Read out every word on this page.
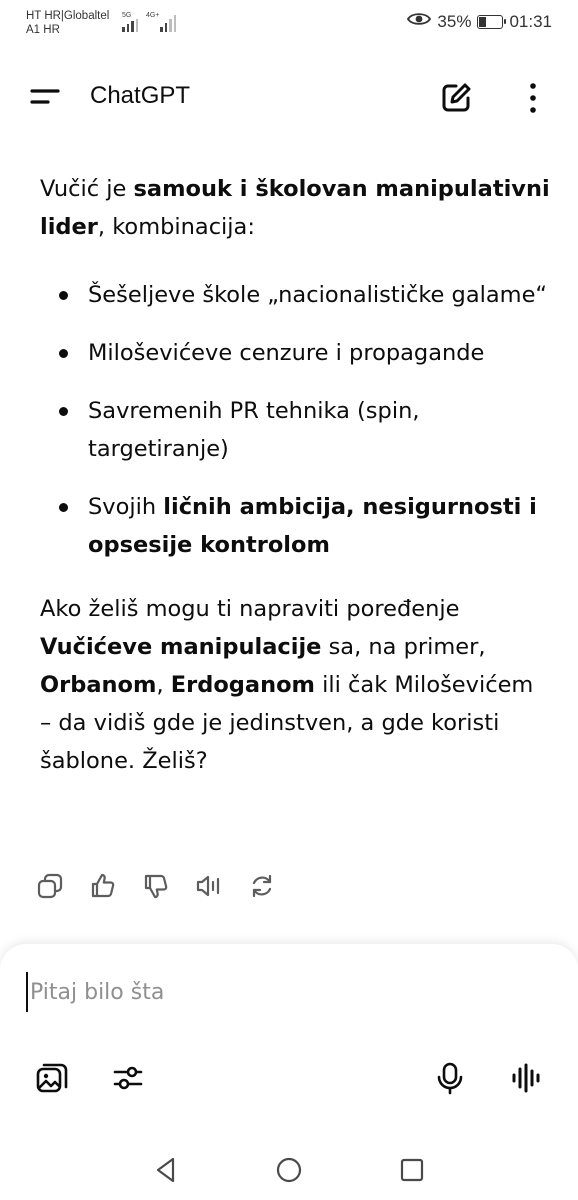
HT HR|Globaltel
A1 HR
5G 4G+	35% 01:31
ChatGPT

Vučić je samouk i školovan manipulativni lider, kombinacija:

Šešeljeve škole „nacionalističke galame“
Miloševićeve cenzure i propagande
Savremenih PR tehnika (spin, targetiranje)
Svojih ličnih ambicija, nesigurnosti i opsesije kontrolom

Ako želiš mogu ti napraviti poređenje Vučićeve manipulacije sa, na primer, Orbanom, Erdoganom ili čak Miloševićem – da vidiš gde je jedinstven, a gde koristi šablone. Želiš?

Pitaj bilo šta
